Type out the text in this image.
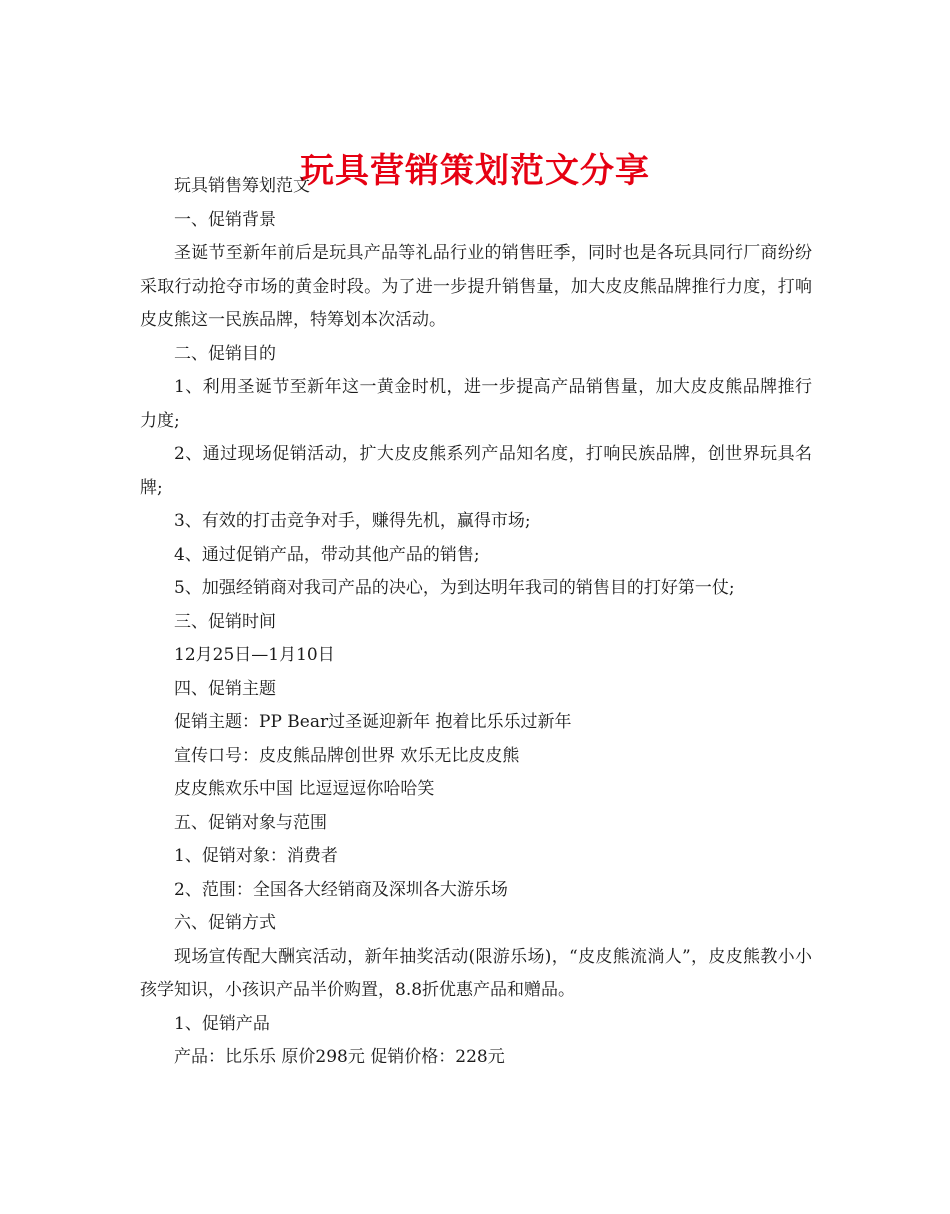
玩具营销策划范文分享

玩具销售筹划范文

一、促销背景

圣诞节至新年前后是玩具产品等礼品行业的销售旺季，同时也是各玩具同行厂商纷纷采取行动抢夺市场的黄金时段。为了进一步提升销售量，加大皮皮熊品牌推行力度，打响皮皮熊这一民族品牌，特筹划本次活动。

二、促销目的

1、利用圣诞节至新年这一黄金时机，进一步提高产品销售量，加大皮皮熊品牌推行力度;

2、通过现场促销活动，扩大皮皮熊系列产品知名度，打响民族品牌，创世界玩具名牌;

3、有效的打击竞争对手，赚得先机，赢得市场;

4、通过促销产品，带动其他产品的销售;

5、加强经销商对我司产品的决心，为到达明年我司的销售目的打好第一仗;

三、促销时间

12月25日—1月10日

四、促销主题

促销主题：PP Bear过圣诞迎新年 抱着比乐乐过新年

宣传口号：皮皮熊品牌创世界 欢乐无比皮皮熊

皮皮熊欢乐中国 比逗逗逗你哈哈笑

五、促销对象与范围

1、促销对象：消费者

2、范围：全国各大经销商及深圳各大游乐场

六、促销方式

现场宣传配大酬宾活动，新年抽奖活动(限游乐场)，“皮皮熊流淌人”，皮皮熊教小小孩学知识，小孩识产品半价购置，8.8折优惠产品和赠品。

1、促销产品

产品：比乐乐 原价298元 促销价格：228元
